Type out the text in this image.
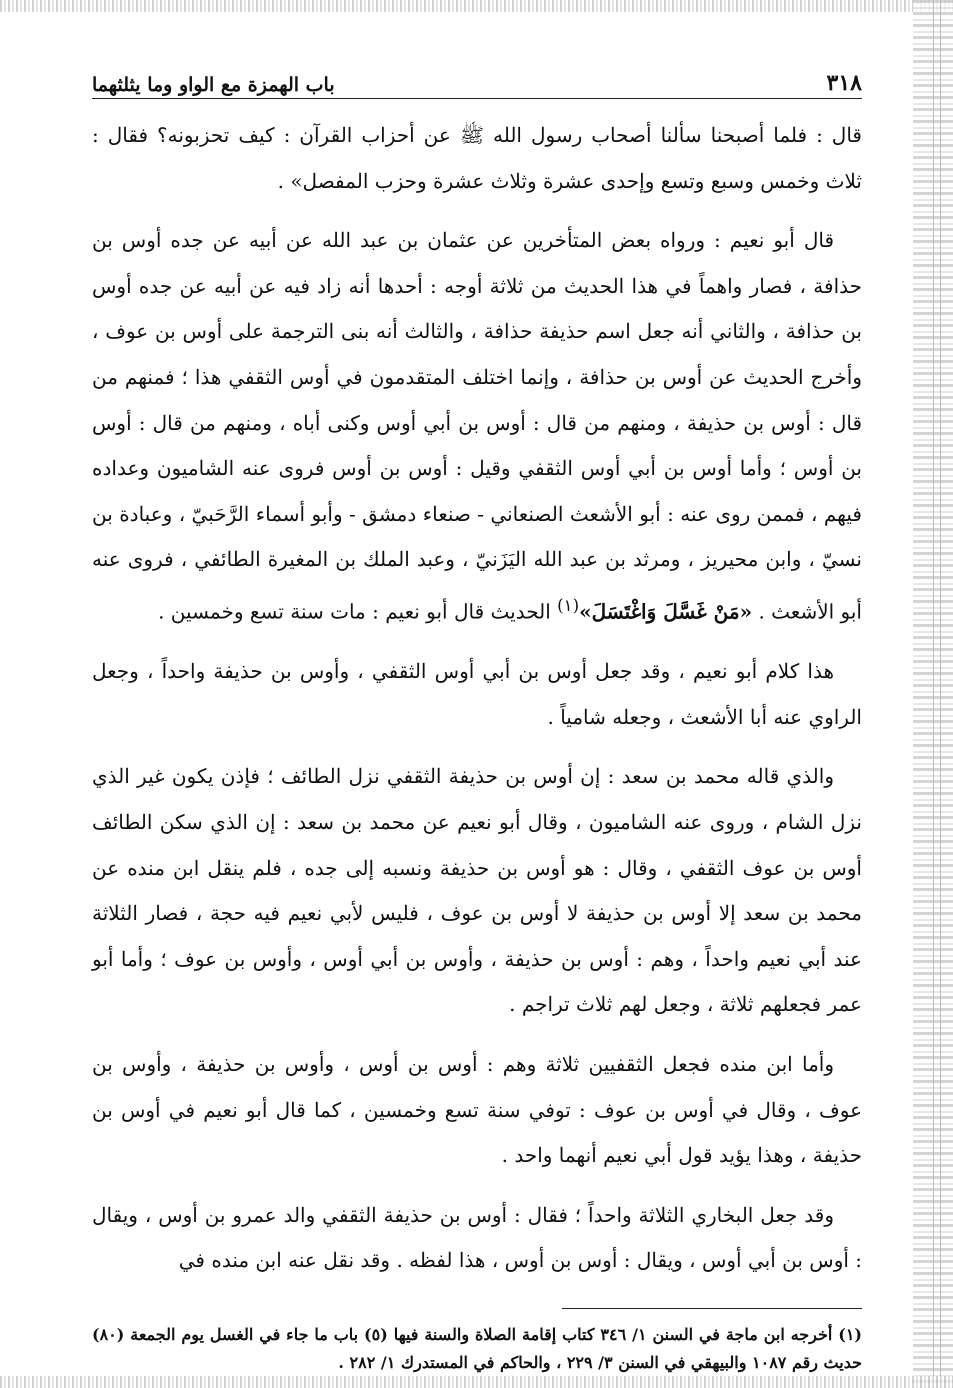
٣١٨
باب الهمزة مع الواو وما يثلثهما

قال : فلما أصبحنا سألنا أصحاب رسول الله ﷺ عن أحزاب القرآن : كيف تحزبونه؟ فقال : ثلاث وخمس وسبع وتسع وإحدى عشرة وثلاث عشرة وحزب المفصل» .

قال أبو نعيم : ورواه بعض المتأخرين عن عثمان بن عبد الله عن أبيه عن جده أوس بن حذافة ، فصار واهماً في هذا الحديث من ثلاثة أوجه : أحدها أنه زاد فيه عن أبيه عن جده أوس بن حذافة ، والثاني أنه جعل اسم حذيفة حذافة ، والثالث أنه بنى الترجمة على أوس بن عوف ، وأخرج الحديث عن أوس بن حذافة ، وإنما اختلف المتقدمون في أوس الثقفي هذا ؛ فمنهم من قال : أوس بن حذيفة ، ومنهم من قال : أوس بن أبي أوس وكنى أباه ، ومنهم من قال : أوس بن أوس ؛ وأما أوس بن أبي أوس الثقفي وقيل : أوس بن أوس فروى عنه الشاميون وعداده فيهم ، فممن روى عنه : أبو الأشعث الصنعاني - صنعاء دمشق - وأبو أسماء الرَّحَبيّ ، وعبادة بن نسيّ ، وابن محيريز ، ومرثد بن عبد الله اليَزَنيّ ، وعبد الملك بن المغيرة الطائفي ، فروى عنه أبو الأشعث . «مَنْ غَسَّلَ وَاغْتَسَلَ»$^{(١)}$ الحديث قال أبو نعيم : مات سنة تسع وخمسين .

هذا كلام أبو نعيم ، وقد جعل أوس بن أبي أوس الثقفي ، وأوس بن حذيفة واحداً ، وجعل الراوي عنه أبا الأشعث ، وجعله شامياً .

والذي قاله محمد بن سعد : إن أوس بن حذيفة الثقفي نزل الطائف ؛ فإذن يكون غير الذي نزل الشام ، وروى عنه الشاميون ، وقال أبو نعيم عن محمد بن سعد : إن الذي سكن الطائف أوس بن عوف الثقفي ، وقال : هو أوس بن حذيفة ونسبه إلى جده ، فلم ينقل ابن منده عن محمد بن سعد إلا أوس بن حذيفة لا أوس بن عوف ، فليس لأبي نعيم فيه حجة ، فصار الثلاثة عند أبي نعيم واحداً ، وهم : أوس بن حذيفة ، وأوس بن أبي أوس ، وأوس بن عوف ؛ وأما أبو عمر فجعلهم ثلاثة ، وجعل لهم ثلاث تراجم .

وأما ابن منده فجعل الثقفيين ثلاثة وهم : أوس بن أوس ، وأوس بن حذيفة ، وأوس بن عوف ، وقال في أوس بن عوف : توفي سنة تسع وخمسين ، كما قال أبو نعيم في أوس بن حذيفة ، وهذا يؤيد قول أبي نعيم أنهما واحد .

وقد جعل البخاري الثلاثة واحداً ؛ فقال : أوس بن حذيفة الثقفي والد عمرو بن أوس ، ويقال : أوس بن أبي أوس ، ويقال : أوس بن أوس ، هذا لفظه . وقد نقل عنه ابن منده في

(١) أخرجه ابن ماجة في السنن ١/ ٣٤٦ كتاب إقامة الصلاة والسنة فيها (٥) باب ما جاء في الغسل يوم الجمعة (٨٠) حديث رقم ١٠٨٧ والبيهقي في السنن ٣/ ٢٢٩ ، والحاكم في المستدرك ١/ ٢٨٢ .
